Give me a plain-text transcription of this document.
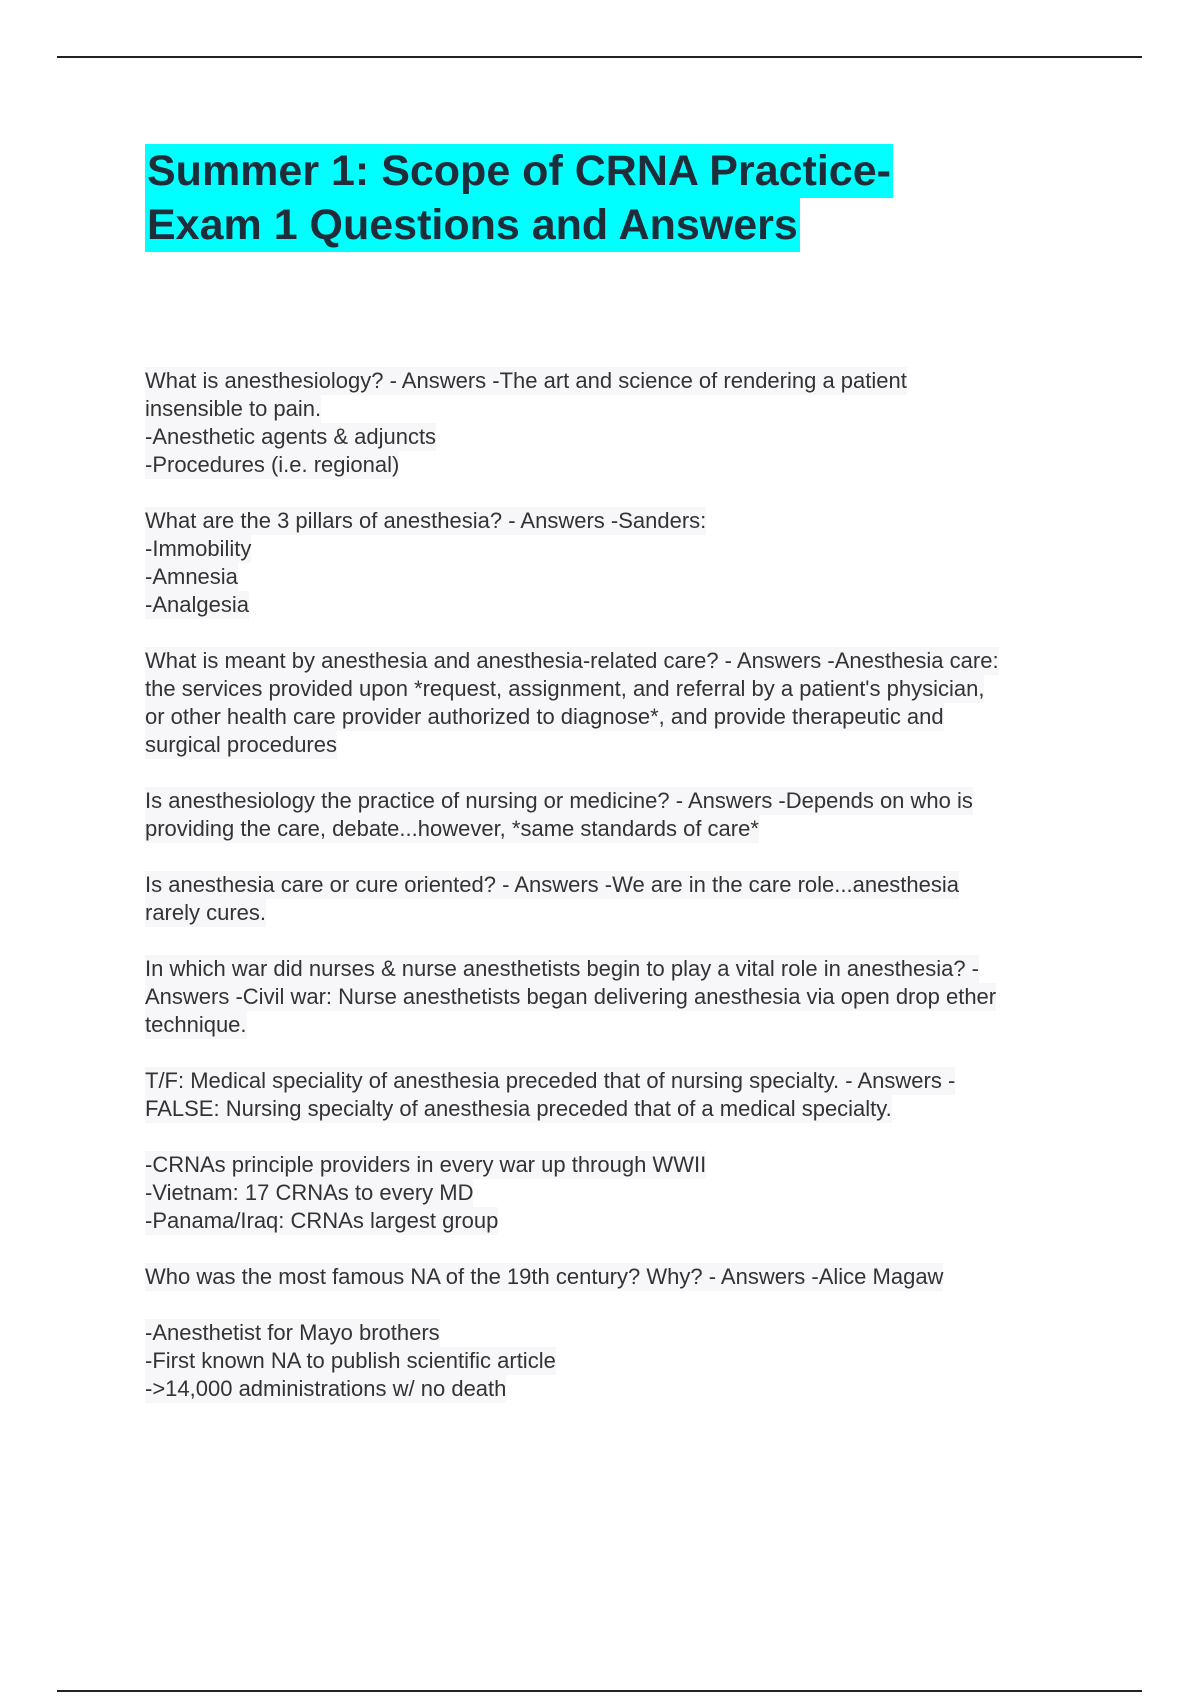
Summer 1: Scope of CRNA Practice-
Exam 1 Questions and Answers
What is anesthesiology? - Answers -The art and science of rendering a patient
insensible to pain.
-Anesthetic agents & adjuncts
-Procedures (i.e. regional)
What are the 3 pillars of anesthesia? - Answers -Sanders:
-Immobility
-Amnesia
-Analgesia
What is meant by anesthesia and anesthesia-related care? - Answers -Anesthesia care:
the services provided upon *request, assignment, and referral by a patient's physician,
or other health care provider authorized to diagnose*, and provide therapeutic and
surgical procedures
Is anesthesiology the practice of nursing or medicine? - Answers -Depends on who is
providing the care, debate...however, *same standards of care*
Is anesthesia care or cure oriented? - Answers -We are in the care role...anesthesia
rarely cures.
In which war did nurses & nurse anesthetists begin to play a vital role in anesthesia? -
Answers -Civil war: Nurse anesthetists began delivering anesthesia via open drop ether
technique.
T/F: Medical speciality of anesthesia preceded that of nursing specialty. - Answers -
FALSE: Nursing specialty of anesthesia preceded that of a medical specialty.
-CRNAs principle providers in every war up through WWII
-Vietnam: 17 CRNAs to every MD
-Panama/Iraq: CRNAs largest group
Who was the most famous NA of the 19th century? Why? - Answers -Alice Magaw
-Anesthetist for Mayo brothers
-First known NA to publish scientific article
->14,000 administrations w/ no death
